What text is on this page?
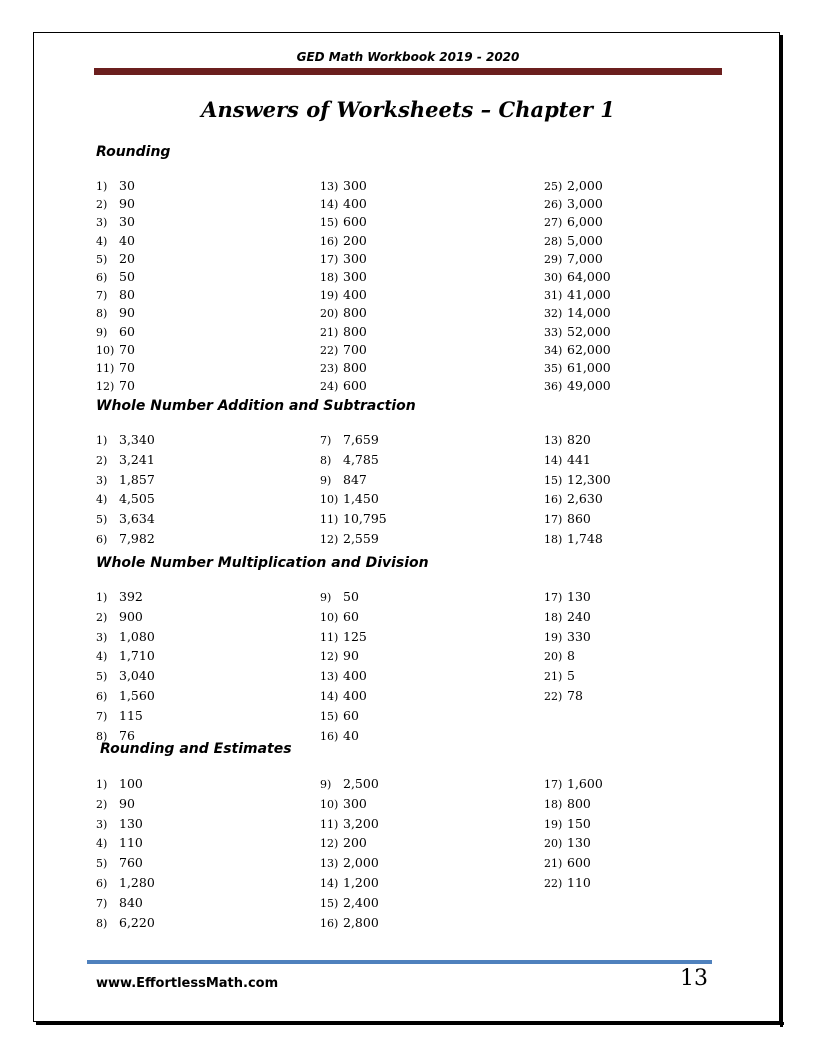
GED Math Workbook 2019 - 2020
Answers of Worksheets – Chapter 1
Rounding
1) 30
2) 90
3) 30
4) 40
5) 20
6) 50
7) 80
8) 90
9) 60
10) 70
11) 70
12) 70
13) 300
14) 400
15) 600
16) 200
17) 300
18) 300
19) 400
20) 800
21) 800
22) 700
23) 800
24) 600
25) 2,000
26) 3,000
27) 6,000
28) 5,000
29) 7,000
30) 64,000
31) 41,000
32) 14,000
33) 52,000
34) 62,000
35) 61,000
36) 49,000
Whole Number Addition and Subtraction
1) 3,340
2) 3,241
3) 1,857
4) 4,505
5) 3,634
6) 7,982
7) 7,659
8) 4,785
9) 847
10) 1,450
11) 10,795
12) 2,559
13) 820
14) 441
15) 12,300
16) 2,630
17) 860
18) 1,748
Whole Number Multiplication and Division
1) 392
2) 900
3) 1,080
4) 1,710
5) 3,040
6) 1,560
7) 115
8) 76
9) 50
10) 60
11) 125
12) 90
13) 400
14) 400
15) 60
16) 40
17) 130
18) 240
19) 330
20) 8
21) 5
22) 78
Rounding and Estimates
1) 100
2) 90
3) 130
4) 110
5) 760
6) 1,280
7) 840
8) 6,220
9) 2,500
10) 300
11) 3,200
12) 200
13) 2,000
14) 1,200
15) 2,400
16) 2,800
17) 1,600
18) 800
19) 150
20) 130
21) 600
22) 110
www.EffortlessMath.com	13
